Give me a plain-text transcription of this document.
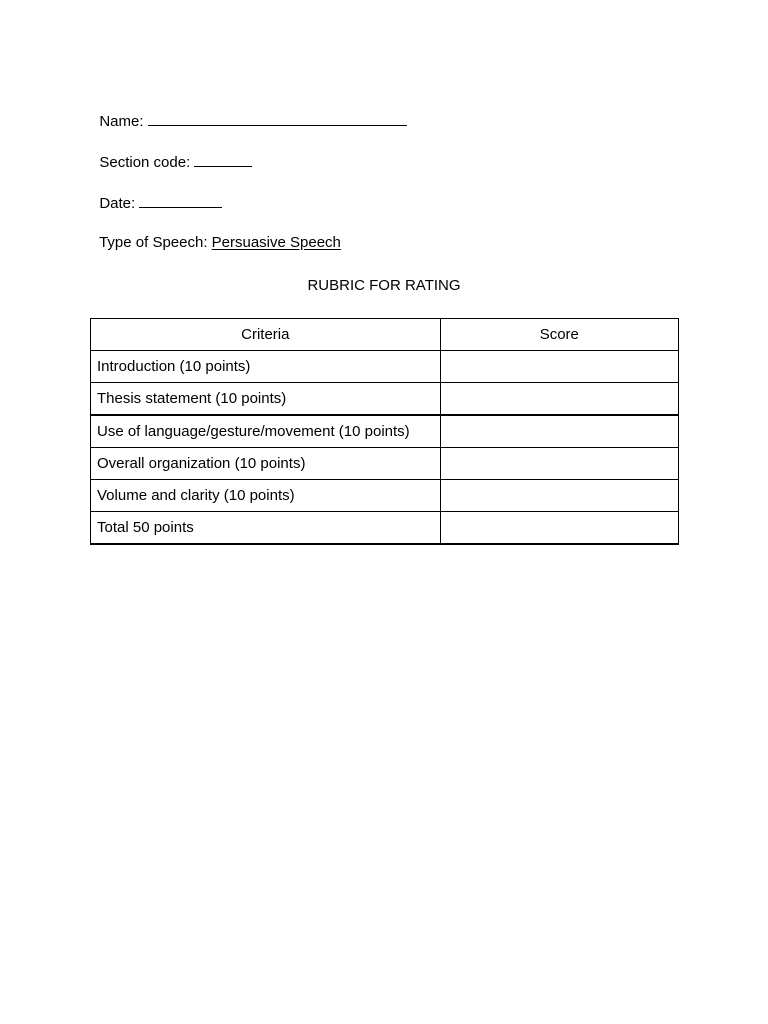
Name:

Section code:

Date:

Type of Speech: Persuasive Speech

RUBRIC FOR RATING
Criteria	Score
Introduction (10 points)	
Thesis statement (10 points)	
Use of language/gesture/movement (10 points)	
Overall organization (10 points)	
Volume and clarity (10 points)	
Total 50 points	
